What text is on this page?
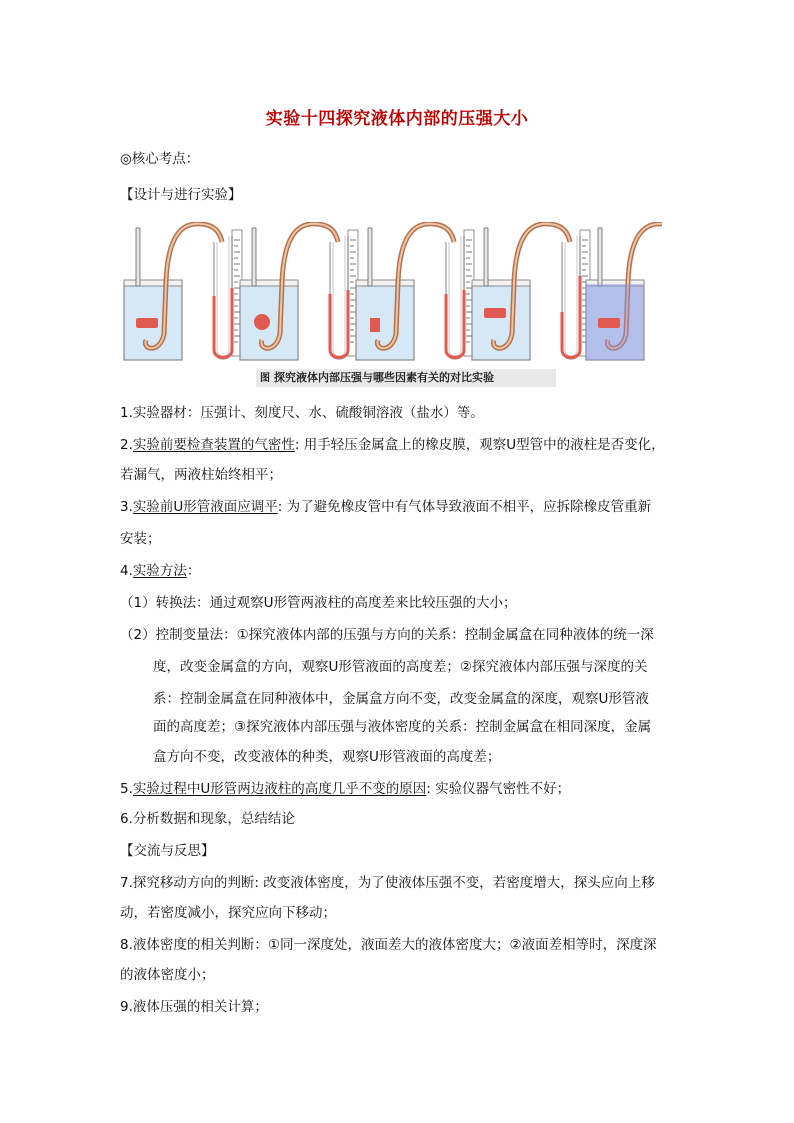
实验十四探究液体内部的压强大小
◎核心考点：
【设计与进行实验】
图 探究液体内部压强与哪些因素有关的对比实验
1.实验器材：压强计、刻度尺、水、硫酸铜溶液（盐水）等。
2.实验前要检查装置的气密性: 用手轻压金属盒上的橡皮膜，观察U型管中的液柱是否变化，
若漏气，两液柱始终相平；
3.实验前U形管液面应调平: 为了避免橡皮管中有气体导致液面不相平，应拆除橡皮管重新
安装；
4.实验方法：
（1）转换法：通过观察U形管两液柱的高度差来比较压强的大小；
（2）控制变量法：①探究液体内部的压强与方向的关系：控制金属盒在同种液体的统一深
度，改变金属盒的方向，观察U形管液面的高度差；②探究液体内部压强与深度的关
系：控制金属盒在同种液体中，金属盒方向不变，改变金属盒的深度，观察U形管液
面的高度差；③探究液体内部压强与液体密度的关系：控制金属盒在相同深度，金属
盒方向不变，改变液体的种类，观察U形管液面的高度差；
5.实验过程中U形管两边液柱的高度几乎不变的原因: 实验仪器气密性不好；
6.分析数据和现象，总结结论
【交流与反思】
7.探究移动方向的判断: 改变液体密度，为了使液体压强不变，若密度增大，探头应向上移
动，若密度减小，探究应向下移动；
8.液体密度的相关判断：①同一深度处，液面差大的液体密度大；②液面差相等时，深度深
的液体密度小；
9.液体压强的相关计算；
